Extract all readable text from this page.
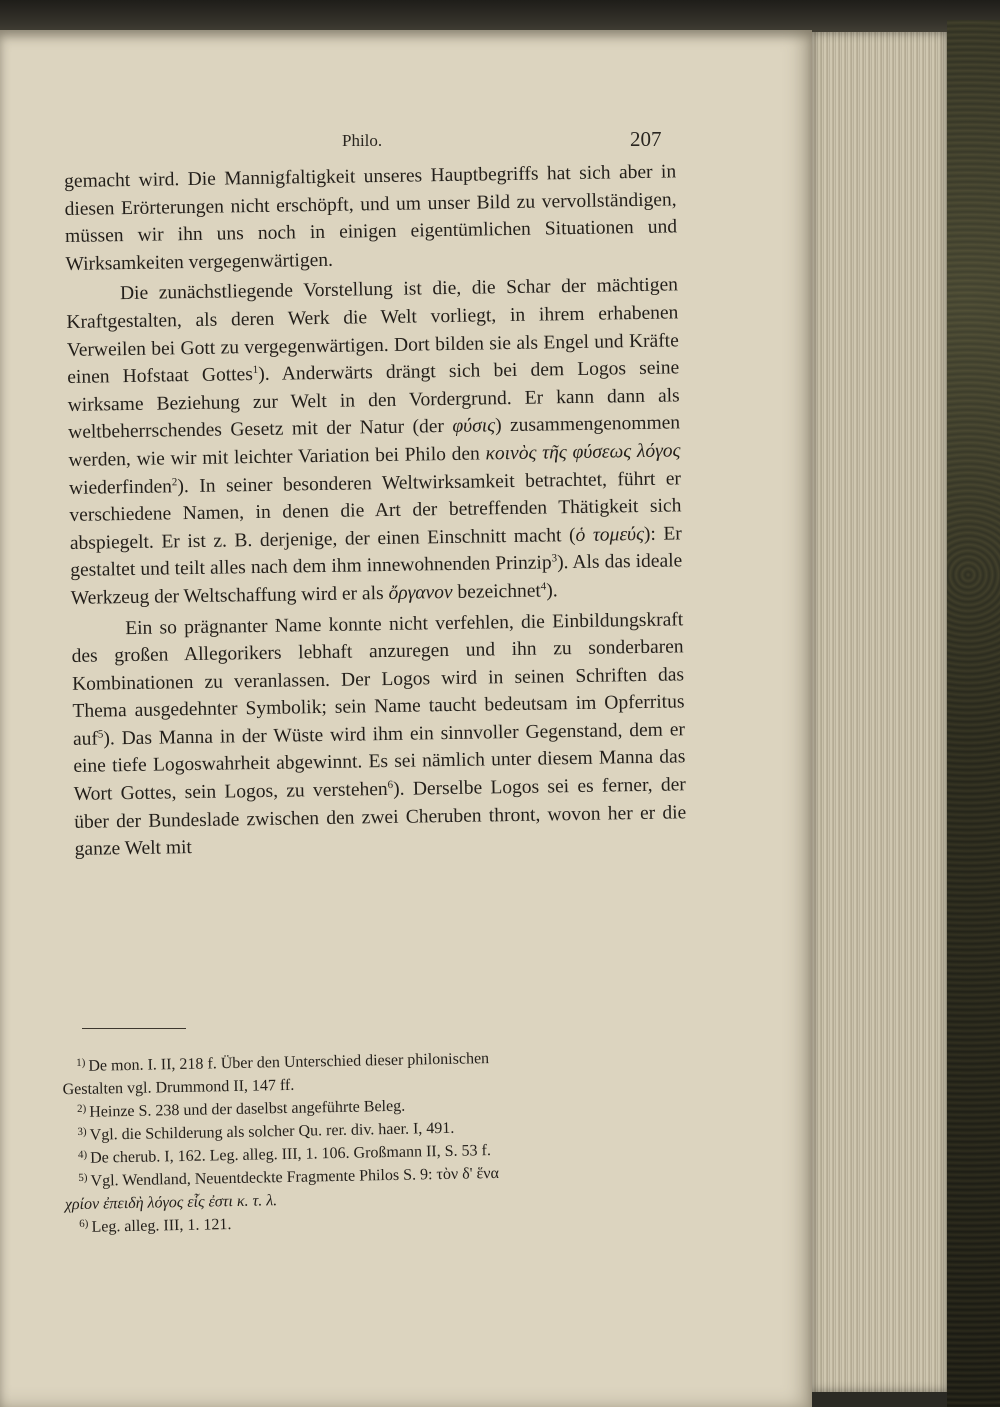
Philo.	207

gemacht wird. Die Mannigfaltigkeit unseres Hauptbegriffs hat sich aber in diesen Erörterungen nicht erschöpft, und um unser Bild zu vervollständigen, müssen wir ihn uns noch in einigen eigentümlichen Situationen und Wirksamkeiten vergegenwärtigen.

Die zunächstliegende Vorstellung ist die, die Schar der mächtigen Kraftgestalten, als deren Werk die Welt vorliegt, in ihrem erhabenen Verweilen bei Gott zu vergegenwärtigen. Dort bilden sie als Engel und Kräfte einen Hofstaat Gottes$^1$). Anderwärts drängt sich bei dem Logos seine wirksame Beziehung zur Welt in den Vordergrund. Er kann dann als weltbeherrschendes Gesetz mit der Natur (der φύσις) zusammengenommen werden, wie wir mit leichter Variation bei Philo den κοινὸς τῆς φύσεως λόγος wiederfinden$^2$). In seiner besonderen Weltwirksamkeit betrachtet, führt er verschiedene Namen, in denen die Art der betreffenden Thätigkeit sich abspiegelt. Er ist z. B. derjenige, der einen Einschnitt macht (ὁ τομεύς): Er gestaltet und teilt alles nach dem ihm innewohnenden Prinzip$^3$). Als das ideale Werkzeug der Weltschaffung wird er als ὄργανον bezeichnet$^4$).

Ein so prägnanter Name konnte nicht verfehlen, die Einbildungskraft des großen Allegorikers lebhaft anzuregen und ihn zu sonderbaren Kombinationen zu veranlassen. Der Logos wird in seinen Schriften das Thema ausgedehnter Symbolik; sein Name taucht bedeutsam im Opferritus auf$^5$). Das Manna in der Wüste wird ihm ein sinnvoller Gegenstand, dem er eine tiefe Logoswahrheit abgewinnt. Es sei nämlich unter diesem Manna das Wort Gottes, sein Logos, zu verstehen$^6$). Derselbe Logos sei es ferner, der über der Bundeslade zwischen den zwei Cheruben thront, wovon her er die ganze Welt mit

$^{1)}$ De mon. I. II, 218 f. Über den Unterschied dieser philonischen

Gestalten vgl. Drummond II, 147 ff.

$^{2)}$ Heinze S. 238 und der daselbst angeführte Beleg.

$^{3)}$ Vgl. die Schilderung als solcher Qu. rer. div. haer. I, 491.

$^{4)}$ De cherub. I, 162. Leg. alleg. III, 1. 106. Großmann II, S. 53 f.

$^{5)}$ Vgl. Wendland, Neuentdeckte Fragmente Philos S. 9: τὸν δ' ἕνα

χρίον ἐπειδὴ λόγος εἷς ἐστι κ. τ. λ.

$^{6)}$ Leg. alleg. III, 1. 121.
